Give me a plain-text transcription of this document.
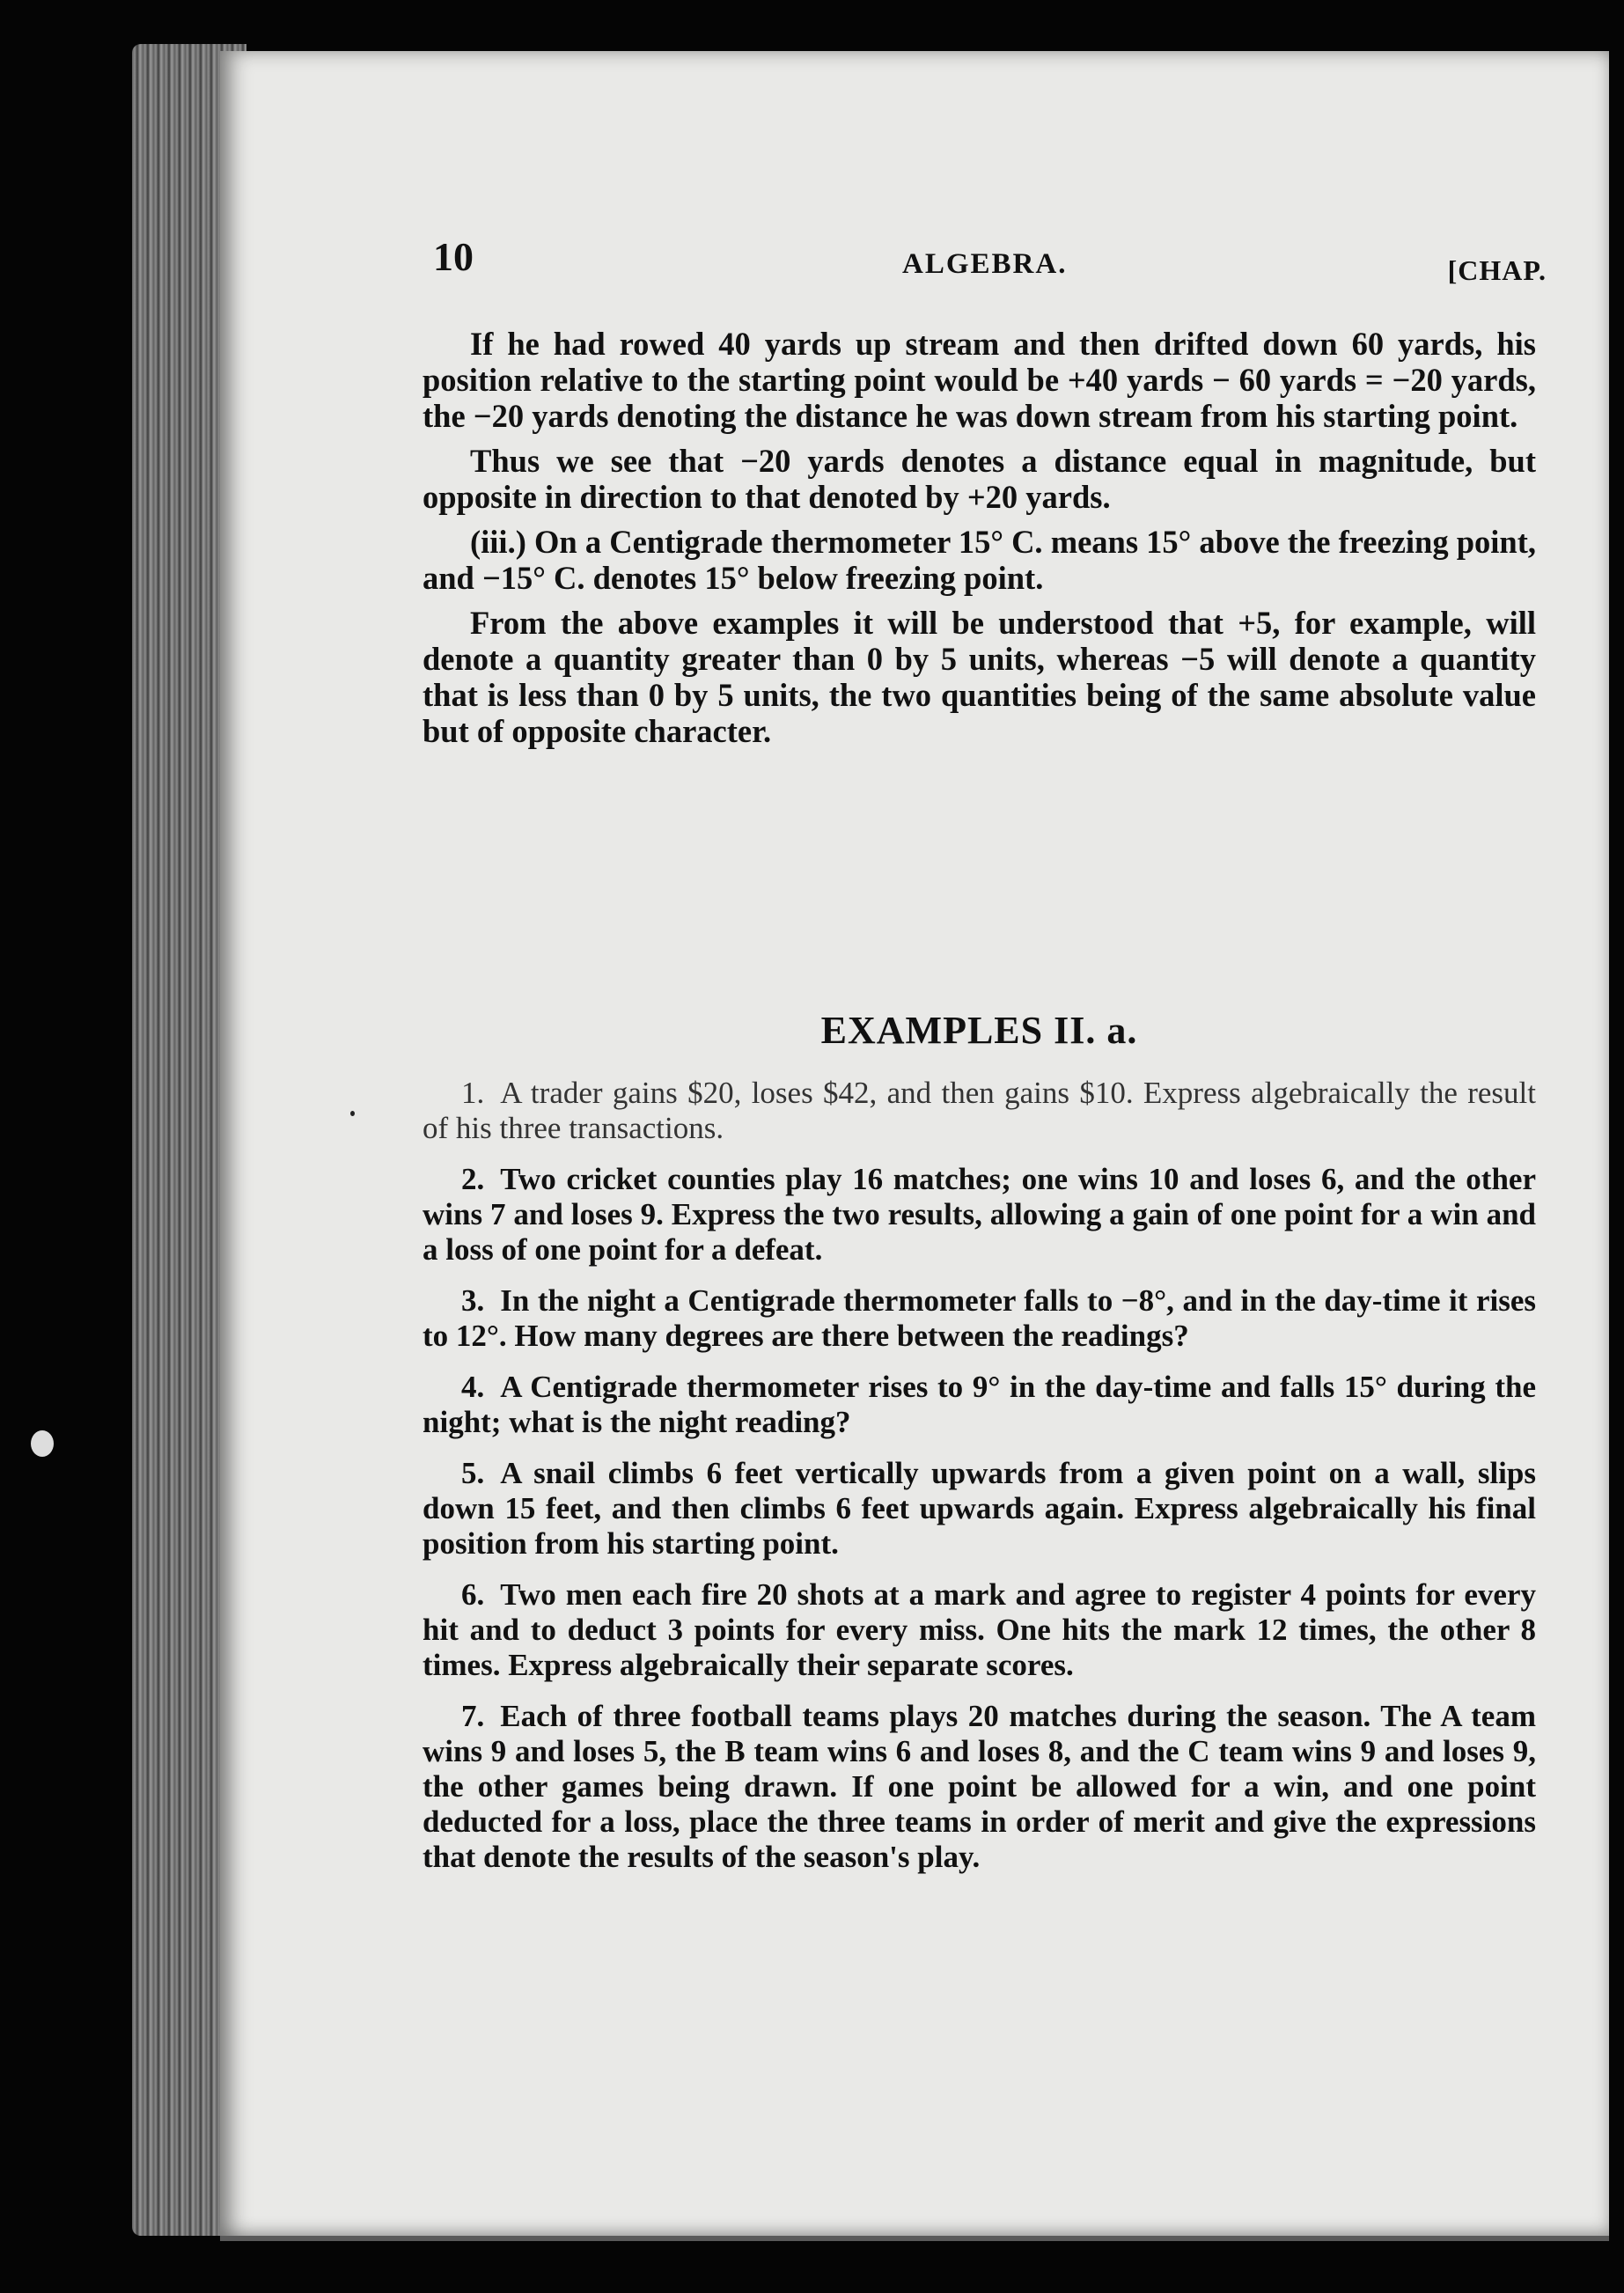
10	ALGEBRA.	[CHAP.

If he had rowed 40 yards up stream and then drifted down 60 yards, his position relative to the starting point would be +40 yards − 60 yards = −20 yards, the −20 yards denoting the distance he was down stream from his starting point.

Thus we see that −20 yards denotes a distance equal in magnitude, but opposite in direction to that denoted by +20 yards.

(iii.) On a Centigrade thermometer 15° C. means 15° above the freezing point, and −15° C. denotes 15° below freezing point.

From the above examples it will be understood that +5, for example, will denote a quantity greater than 0 by 5 units, whereas −5 will denote a quantity that is less than 0 by 5 units, the two quantities being of the same absolute value but of opposite character.

EXAMPLES II. a.

1. A trader gains $20, loses $42, and then gains $10. Express algebraically the result of his three transactions.

2. Two cricket counties play 16 matches; one wins 10 and loses 6, and the other wins 7 and loses 9. Express the two results, allowing a gain of one point for a win and a loss of one point for a defeat.

3. In the night a Centigrade thermometer falls to −8°, and in the day-time it rises to 12°. How many degrees are there between the readings?

4. A Centigrade thermometer rises to 9° in the day-time and falls 15° during the night; what is the night reading?

5. A snail climbs 6 feet vertically upwards from a given point on a wall, slips down 15 feet, and then climbs 6 feet upwards again. Express algebraically his final position from his starting point.

6. Two men each fire 20 shots at a mark and agree to register 4 points for every hit and to deduct 3 points for every miss. One hits the mark 12 times, the other 8 times. Express algebraically their separate scores.

7. Each of three football teams plays 20 matches during the season. The A team wins 9 and loses 5, the B team wins 6 and loses 8, and the C team wins 9 and loses 9, the other games being drawn. If one point be allowed for a win, and one point deducted for a loss, place the three teams in order of merit and give the expressions that denote the results of the season's play.
